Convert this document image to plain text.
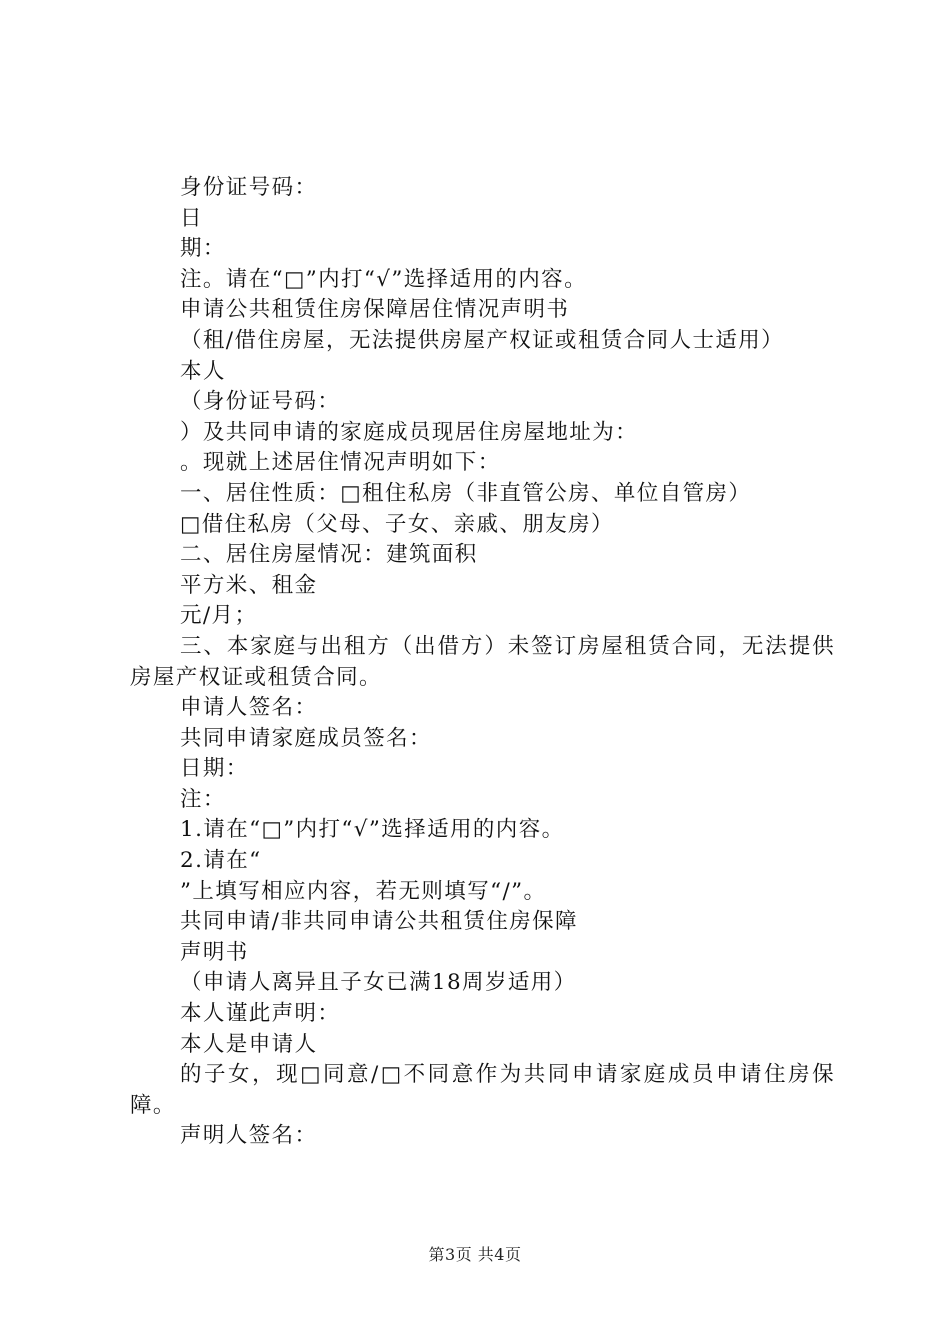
身份证号码：

日

期：

注。请在“□”内打“√”选择适用的内容。

申请公共租赁住房保障居住情况声明书

（租/借住房屋，无法提供房屋产权证或租赁合同人士适用）

本人

（身份证号码：

）及共同申请的家庭成员现居住房屋地址为：

。现就上述居住情况声明如下：

一、居住性质：□租住私房（非直管公房、单位自管房）

□借住私房（父母、子女、亲戚、朋友房）

二、居住房屋情况：建筑面积

平方米、租金

元/月；

三、本家庭与出租方（出借方）未签订房屋租赁合同，无法提供房屋产权证或租赁合同。

申请人签名：

共同申请家庭成员签名：

日期：

注：

1.请在“□”内打“√”选择适用的内容。

2.请在“

”上填写相应内容，若无则填写“/”。

共同申请/非共同申请公共租赁住房保障

声明书

（申请人离异且子女已满18周岁适用）

本人谨此声明：

本人是申请人

的子女，现□同意/□不同意作为共同申请家庭成员申请住房保障。

声明人签名：

第3页 共4页
